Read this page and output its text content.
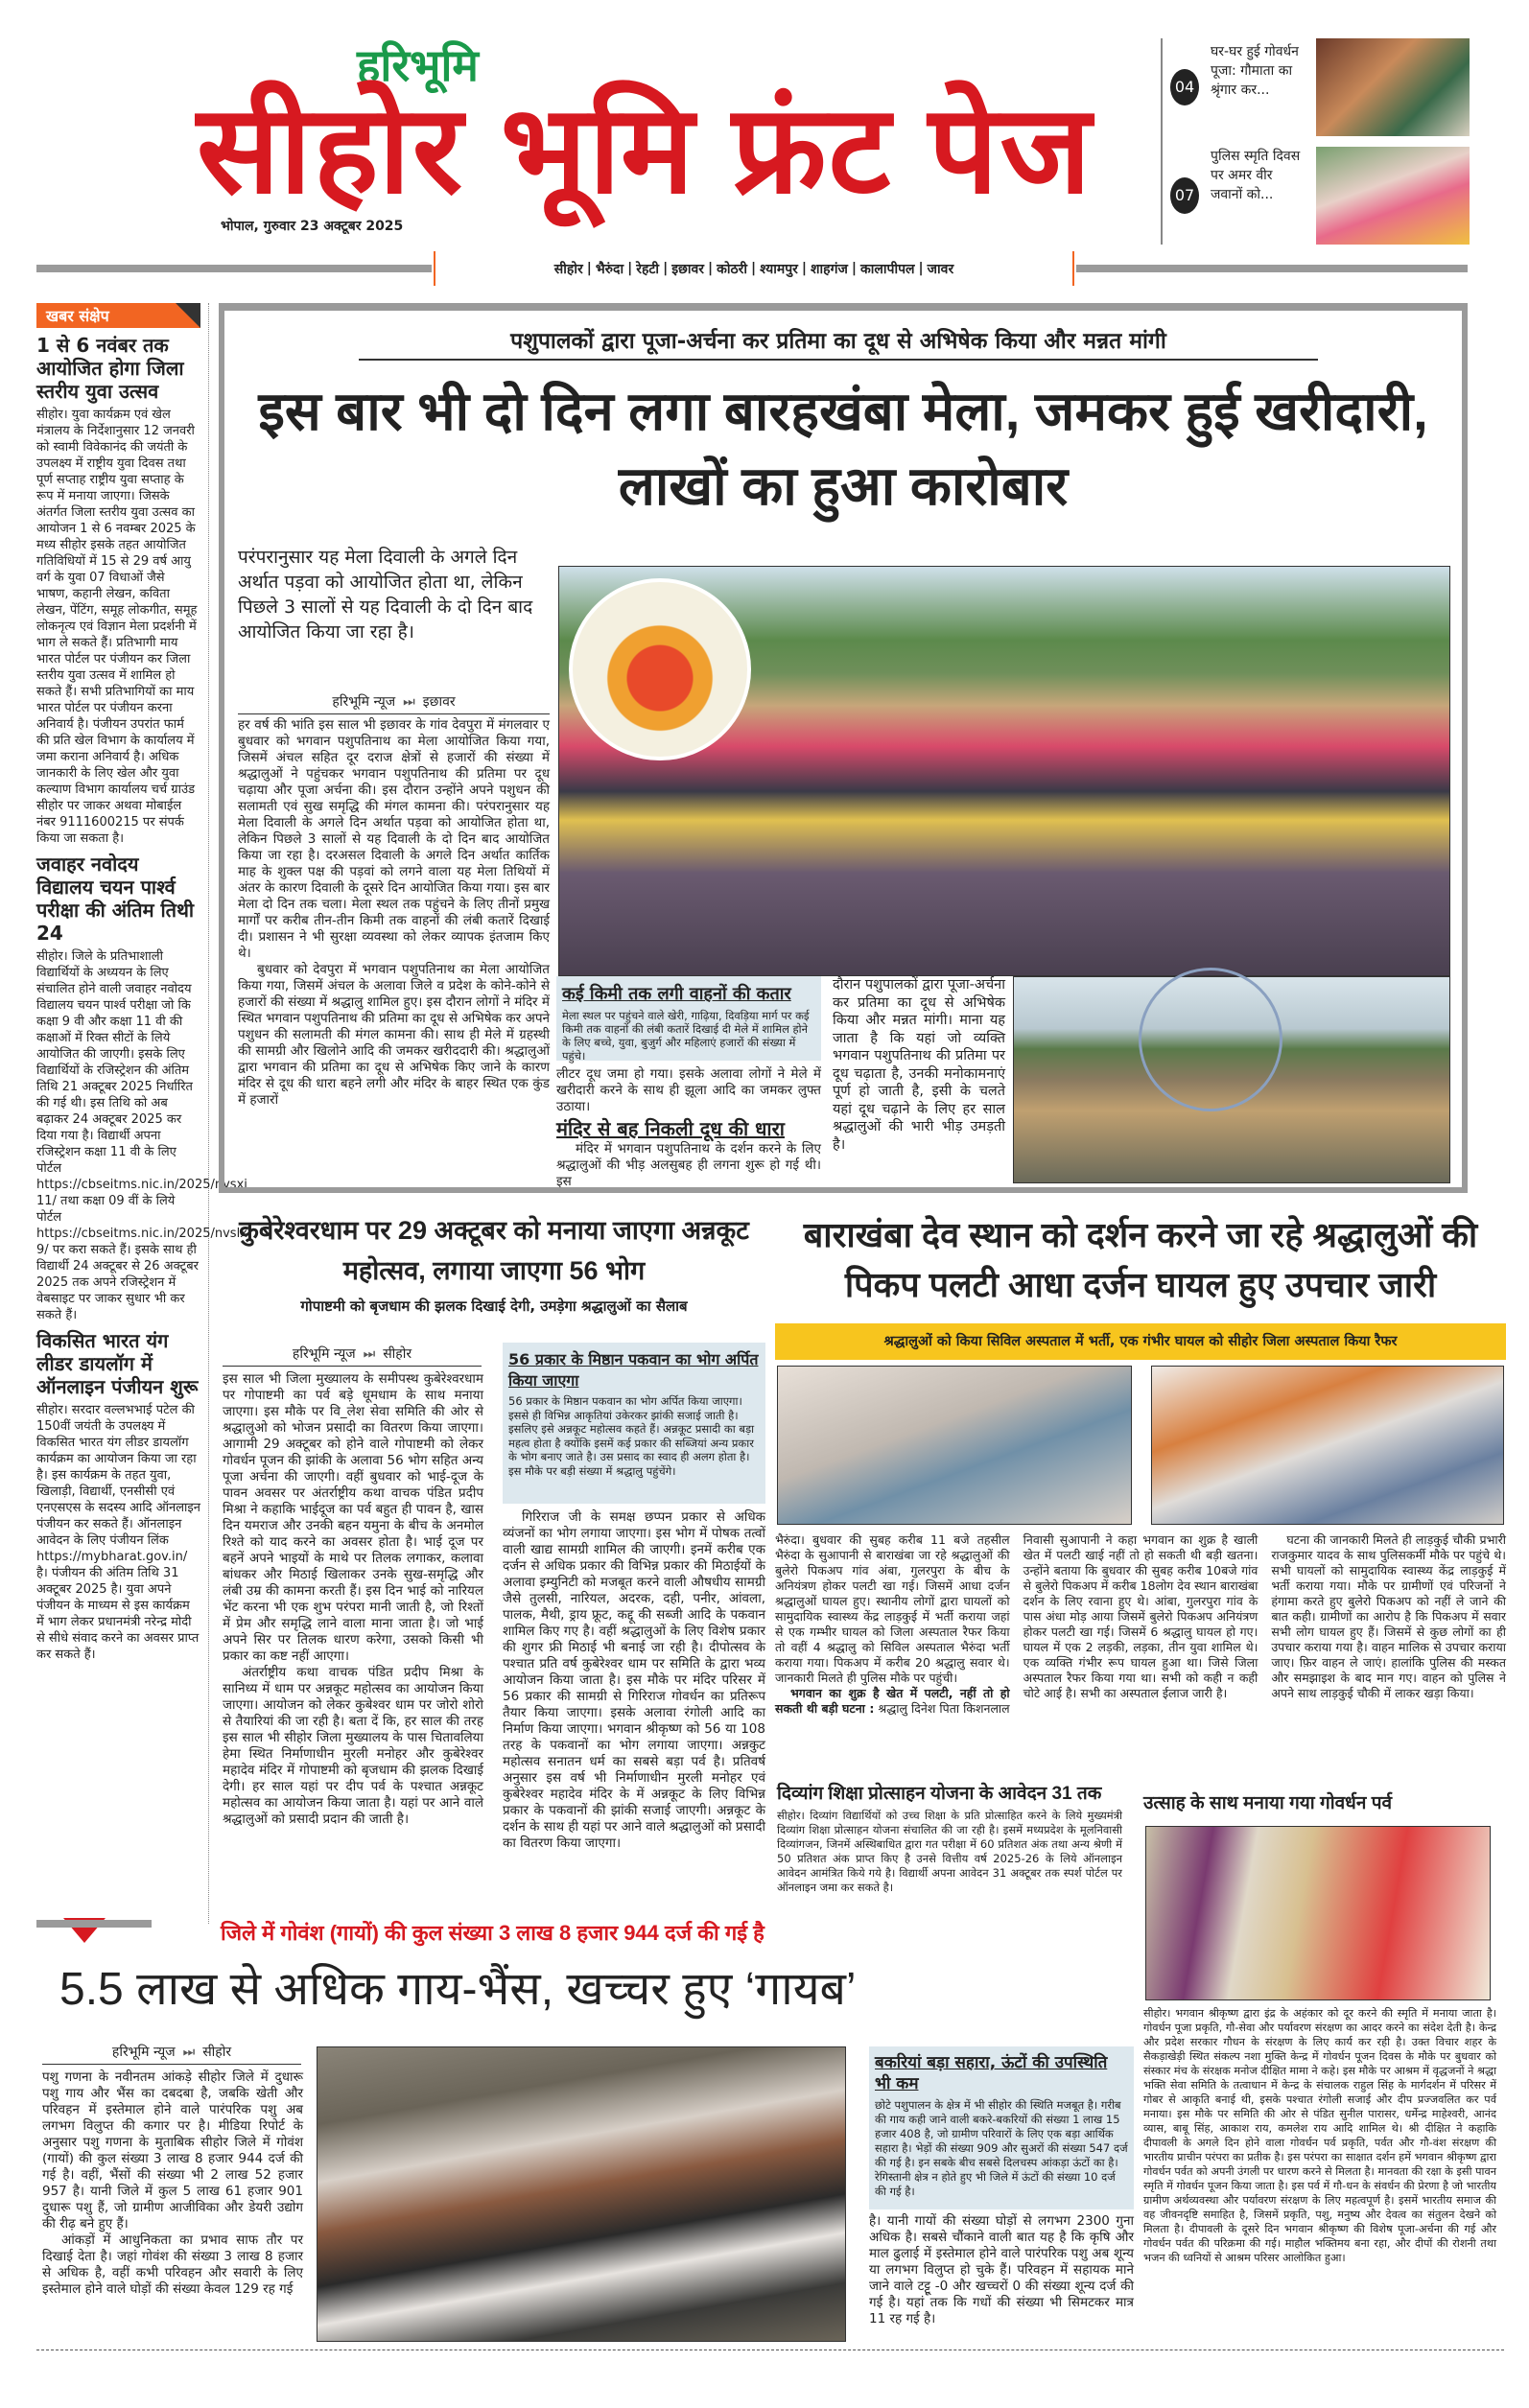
हरिभूमि
सीहोर भूमि फ्रंट पेज
भोपाल, गुरुवार 23 अक्टूबर 2025
04
घर-घर हुई गोवर्धन पूजा: गौमाता का श्रृंगार कर...
07
पुलिस स्मृति दिवस पर अमर वीर जवानों को...
सीहोर | भैरुंदा | रेहटी | इछावर | कोठरी | श्यामपुर | शाहगंज | कालापीपल | जावर
खबर संक्षेप
1 से 6 नवंबर तक आयोजित होगा जिला स्तरीय युवा उत्सव

सीहोर। युवा कार्यक्रम एवं खेल मंत्रालय के निर्देशानुसार 12 जनवरी को स्वामी विवेकानंद की जयंती के उपलक्ष्य में राष्ट्रीय युवा दिवस तथा पूर्ण सप्ताह राष्ट्रीय युवा सप्ताह के रूप में मनाया जाएगा। जिसके अंतर्गत जिला स्तरीय युवा उत्सव का आयोजन 1 से 6 नवम्बर 2025 के मध्य सीहोर इसके तहत आयोजित गतिविधियों में 15 से 29 वर्ष आयु वर्ग के युवा 07 विधाओं जैसे भाषण, कहानी लेखन, कविता लेखन, पेंटिंग, समूह लोकगीत, समूह लोकनृत्य एवं विज्ञान मेला प्रदर्शनी में भाग ले सकते हैं। प्रतिभागी माय भारत पोर्टल पर पंजीयन कर जिला स्तरीय युवा उत्सव में शामिल हो सकते हैं। सभी प्रतिभागियों का माय भारत पोर्टल पर पंजीयन करना अनिवार्य है। पंजीयन उपरांत फार्म की प्रति खेल विभाग के कार्यालय में जमा कराना अनिवार्य है। अधिक जानकारी के लिए खेल और युवा कल्याण विभाग कार्यालय चर्च ग्राउंड सीहोर पर जाकर अथवा मोबाईल नंबर 9111600215 पर संपर्क किया जा सकता है।

जवाहर नवोदय विद्यालय चयन पार्श्व परीक्षा की अंतिम तिथी 24

सीहोर। जिले के प्रतिभाशाली विद्यार्थियों के अध्ययन के लिए संचालित होने वाली जवाहर नवोदय विद्यालय चयन पार्श्व परीक्षा जो कि कक्षा 9 वी और कक्षा 11 वी की कक्षाओं में रिक्त सीटों के लिये आयोजित की जाएगी। इसके लिए विद्यार्थियों के रजिस्ट्रेशन की अंतिम तिथि 21 अक्टूबर 2025 निर्धारित की गई थी। इस तिथि को अब बढ़ाकर 24 अक्टूबर 2025 कर दिया गया है। विद्यार्थी अपना रजिस्ट्रेशन कक्षा 11 वी के लिए पोर्टल https://cbseitms.nic.in/2025/nvsxi 11/ तथा कक्षा 09 वीं के लिये पोर्टल https://cbseitms.nic.in/2025/nvslx 9/ पर करा सकते हैं। इसके साथ ही विद्यार्थी 24 अक्टूबर से 26 अक्टूबर 2025 तक अपने रजिस्ट्रेशन में वेबसाइट पर जाकर सुधार भी कर सकते हैं।

विकसित भारत यंग लीडर डायलॉग में ऑनलाइन पंजीयन शुरू

सीहोर। सरदार वल्लभभाई पटेल की 150वीं जयंती के उपलक्ष्य में विकसित भारत यंग लीडर डायलॉग कार्यक्रम का आयोजन किया जा रहा है। इस कार्यक्रम के तहत युवा, खिलाड़ी, विद्यार्थी, एनसीसी एवं एनएसएस के सदस्य आदि ऑनलाइन पंजीयन कर सकते हैं। ऑनलाइन आवेदन के लिए पंजीयन लिंक https://mybharat.gov.in/ है। पंजीयन की अंतिम तिथि 31 अक्टूबर 2025 है। युवा अपने पंजीयन के माध्यम से इस कार्यक्रम में भाग लेकर प्रधानमंत्री नरेन्द्र मोदी से सीधे संवाद करने का अवसर प्राप्त कर सकते हैं।

पशुपालकों द्वारा पूजा-अर्चना कर प्रतिमा का दूध से अभिषेक किया और मन्नत मांगी
इस बार भी दो दिन लगा बारहखंबा मेला, जमकर हुई खरीदारी, लाखों का हुआ कारोबार
परंपरानुसार यह मेला दिवाली के अगले दिन अर्थात पड़वा को आयोजित होता था, लेकिन पिछले 3 सालों से यह दिवाली के दो दिन बाद आयोजित किया जा रहा है।
हरिभूमि न्यूज ⏭ इछावर

हर वर्ष की भांति इस साल भी इछावर के गांव देवपुरा में मंगलवार ए बुधवार को भगवान पशुपतिनाथ का मेला आयोजित किया गया, जिसमें अंचल सहित दूर दराज क्षेत्रों से हजारों की संख्या में श्रद्धालुओं ने पहुंचकर भगवान पशुपतिनाथ की प्रतिमा पर दूध चढ़ाया और पूजा अर्चना की। इस दौरान उन्होंने अपने पशुधन की सलामती एवं सुख समृद्धि की मंगल कामना की। परंपरानुसार यह मेला दिवाली के अगले दिन अर्थात पड़वा को आयोजित होता था, लेकिन पिछले 3 सालों से यह दिवाली के दो दिन बाद आयोजित किया जा रहा है। दरअसल दिवाली के अगले दिन अर्थात कार्तिक माह के शुक्ल पक्ष की पड़वां को लगने वाला यह मेला तिथियों में अंतर के कारण दिवाली के दूसरे दिन आयोजित किया गया। इस बार मेला दो दिन तक चला। मेला स्थल तक पहुंचने के लिए तीनों प्रमुख मार्गों पर करीब तीन-तीन किमी तक वाहनों की लंबी कतारें दिखाई दी। प्रशासन ने भी सुरक्षा व्यवस्था को लेकर व्यापक इंतजाम किए थे।

बुधवार को देवपुरा में भगवान पशुपतिनाथ का मेला आयोजित किया गया, जिसमें अंचल के अलावा जिले व प्रदेश के कोने-कोने से हजारों की संख्या में श्रद्धालु शामिल हुए। इस दौरान लोगों ने मंदिर में स्थित भगवान पशुपतिनाथ की प्रतिमा का दूध से अभिषेक कर अपने पशुधन की सलामती की मंगल कामना की। साथ ही मेले में ग्रहस्थी की सामग्री और खिलोने आदि की जमकर खरीददारी की। श्रद्धालुओं द्वारा भगवान की प्रतिमा का दूध से अभिषेक किए जाने के कारण मंदिर से दूध की धारा बहने लगी और मंदिर के बाहर स्थित एक कुंड में हजारों

कई किमी तक लगी वाहनों की कतार

मेला स्थल पर पहुंचने वाले खेरी, गाढ़िया, दिवड़िया मार्ग पर कई किमी तक वाहनों की लंबी कतारें दिखाई दी मेले में शामिल होने के लिए बच्चे, युवा, बुजुर्ग और महिलाएं हजारों की संख्या में पहुंचे।

लीटर दूध जमा हो गया। इसके अलावा लोगों ने मेले में खरीदारी करने के साथ ही झूला आदि का जमकर लुफ्त उठाया।

मंदिर से बह निकली दूध की धारा

मंदिर में भगवान पशुपतिनाथ के दर्शन करने के लिए श्रद्धालुओं की भीड़ अलसुबह ही लगना शुरू हो गई थी। इस

दौरान पशुपालकों द्वारा पूजा-अर्चना कर प्रतिमा का दूध से अभिषेक किया और मन्नत मांगी। माना यह जाता है कि यहां जो व्यक्ति भगवान पशुपतिनाथ की प्रतिमा पर दूध चढ़ाता है, उनकी मनोकामनाएं पूर्ण हो जाती है, इसी के चलते यहां दूध चढ़ाने के लिए हर साल श्रद्धालुओं की भारी भीड़ उमड़ती है।

कुबेरेश्वरधाम पर 29 अक्टूबर को मनाया जाएगा अन्नकूट महोत्सव, लगाया जाएगा 56 भोग
गोपाष्टमी को बृजधाम की झलक दिखाई देगी, उमड़ेगा श्रद्धालुओं का सैलाब
हरिभूमि न्यूज ⏭ सीहोर	56 प्रकार के मिष्ठान पकवान का भोग अर्पित किया जाएगा

56 प्रकार के मिष्ठान पकवान का भोग अर्पित किया जाएगा। इससे ही विभिन्न आकृतियां उकेरकर झांकी सजाई जाती है। इसलिए इसे अन्नकूट महोत्सव कहते हैं। अन्नकूट प्रसादी का बड़ा महत्व होता है क्योंकि इसमें कई प्रकार की सब्जियां अन्य प्रकार के भोग बनाए जाते है। उस प्रसाद का स्वाद ही अलग होता है। इस मौके पर बड़ी संख्या में श्रद्धालु पहुंचेंगे।

इस साल भी जिला मुख्यालय के समीपस्थ कुबेरेश्वरधाम पर गोपाष्टमी का पर्व बड़े धूमधाम के साथ मनाया जाएगा। इस मौके पर वि_लेश सेवा समिति की ओर से श्रद्धालुओ को भोजन प्रसादी का वितरण किया जाएगा। आगामी 29 अक्टूबर को होने वाले गोपाष्टमी को लेकर गोवर्धन पूजन की झांकी के अलावा 56 भोग सहित अन्य पूजा अर्चना की जाएगी। वहीं बुधवार को भाई-दूज के पावन अवसर पर अंतर्राष्ट्रीय कथा वाचक पंडित प्रदीप मिश्रा ने कहाकि भाईदूज का पर्व बहुत ही पावन है, खास दिन यमराज और उनकी बहन यमुना के बीच के अनमोल रिश्ते को याद करने का अवसर होता है। भाई दूज पर बहनें अपने भाइयों के माथे पर तिलक लगाकर, कलावा बांधकर और मिठाई खिलाकर उनके सुख-समृद्धि और लंबी उम्र की कामना करती हैं। इस दिन भाई को नारियल भेंट करना भी एक शुभ परंपरा मानी जाती है, जो रिश्तों में प्रेम और समृद्धि लाने वाला माना जाता है। जो भाई अपने सिर पर तिलक धारण करेगा, उसको किसी भी प्रकार का कष्ट नहीं आएगा।

अंतर्राष्ट्रीय कथा वाचक पंडित प्रदीप मिश्रा के सानिध्य में धाम पर अन्नकूट महोत्सव का आयोजन किया जाएगा। आयोजन को लेकर कुबेश्वर धाम पर जोरो शोरो से तैयारियां की जा रही है। बता दें कि, हर साल की तरह इस साल भी सीहोर जिला मुख्यालय के पास चितावलिया हेमा स्थित निर्माणाधीन मुरली मनोहर और कुबेरेश्वर महादेव मंदिर में गोपाष्टमी को बृजधाम की झलक दिखाई देगी। हर साल यहां पर दीप पर्व के पश्चात अन्नकूट महोत्सव का आयोजन किया जाता है। यहां पर आने वाले श्रद्धालुओं को प्रसादी प्रदान की जाती है।

गिरिराज जी के समक्ष छप्पन प्रकार से अधिक व्यंजनों का भोग लगाया जाएगा। इस भोग में पोषक तत्वों वाली खाद्य सामग्री शामिल की जाएगी। इनमें करीब एक दर्जन से अधिक प्रकार की विभिन्न प्रकार की मिठाईयों के अलावा इम्युनिटी को मजबूत करने वाली औषधीय सामग्री जैसे तुलसी, नारियल, अदरक, दही, पनीर, आंवला, पालक, मैथी, ड्राय फ्रूट, कद्दू की सब्जी आदि के पकवान शामिल किए गए है। वहीं श्रद्धालुओं के लिए विशेष प्रकार की शुगर फ्री मिठाई भी बनाई जा रही है। दीपोत्सव के पश्चात प्रति वर्ष कुबेरेश्वर धाम पर समिति के द्वारा भव्य आयोजन किया जाता है। इस मौके पर मंदिर परिसर में 56 प्रकार की सामग्री से गिरिराज गोवर्धन का प्रतिरूप तैयार किया जाएगा। इसके अलावा रंगोली आदि का निर्माण किया जाएगा। भगवान श्रीकृष्ण को 56 या 108 तरह के पकवानों का भोग लगाया जाएगा। अन्नकुट महोत्सव सनातन धर्म का सबसे बड़ा पर्व है। प्रतिवर्ष अनुसार इस वर्ष भी निर्माणाधीन मुरली मनोहर एवं कुबेरेश्वर महादेव मंदिर के में अन्नकूट के लिए विभिन्न प्रकार के पकवानों की झांकी सजाई जाएगी। अन्नकूट के दर्शन के साथ ही यहां पर आने वाले श्रद्धालुओं को प्रसादी का वितरण किया जाएगा।

बाराखंबा देव स्थान को दर्शन करने जा रहे श्रद्धालुओं की पिकप पलटी आधा दर्जन घायल हुए उपचार जारी
श्रद्धालुओं को किया सिविल अस्पताल में भर्ती, एक गंभीर घायल को सीहोर जिला अस्पताल किया रैफर

भैरुंदा। बुधवार की सुबह करीब 11 बजे तहसील भैरुंदा के सुआपानी से बाराखंबा जा रहे श्रद्धालुओं की बुलेरो पिकअप गांव अंबा, गुलरपुरा के बीच के अनियंत्रण होकर पलटी खा गई। जिसमें आधा दर्जन श्रद्धालुओं घायल हुए। स्थानीय लोगों द्वारा घायलों को सामुदायिक स्वास्थ्य केंद्र लाड़कुई में भर्ती कराया जहां से एक गम्भीर घायल को जिला अस्पताल रैफर किया तो वहीं 4 श्रद्धालु को सिविल अस्पताल भैरुंदा भर्ती कराया गया। पिकअप में करीब 20 श्रद्धालु सवार थे। जानकारी मिलते ही पुलिस मौके पर पहुंची।

भगवान का शुक्र है खेत में पलटी, नहीं तो हो सकती थी बड़ी घटना : श्रद्धालु दिनेश पिता किशनलाल निवासी सुआपानी ने कहा भगवान का शुक्र है खाली खेत में पलटी खाई नहीं तो हो सकती थी बड़ी खतना। उन्होंने बताया कि बुधवार की सुबह करीब 10बजे गांव से बुलेरो पिकअप में करीब 18लोग देव स्थान बाराखंबा दर्शन के लिए रवाना हुए थे। आंबा, गुलरपुरा गांव के पास अंधा मोड़ आया जिसमें बुलेरो पिकअप अनियंत्रण होकर पलटी खा गई। जिसमें 6 श्रद्धालु घायल हो गए। घायल में एक 2 लड़की, लड़का, तीन युवा शामिल थे। एक व्यक्ति गंभीर रूप घायल हुआ था। जिसे जिला अस्पताल रैफर किया गया था। सभी को कही न कही चोटे आई है। सभी का अस्पताल ईलाज जारी है।

घटना की जानकारी मिलते ही लाड़कुई चौकी प्रभारी राजकुमार यादव के साथ पुलिसकर्मी मौके पर पहुंचे थे। सभी घायलों को सामुदायिक स्वास्थ्य केंद्र लाड़कुई में भर्ती कराया गया। मौके पर ग्रामीणों एवं परिजनों ने हंगामा करते हुए बुलेरो पिकअप को नहीं ले जाने की बात कही। ग्रामीणों का आरोप है कि पिकअप में सवार सभी लोग घायल हुए हैं। जिसमें से कुछ लोगों का ही उपचार कराया गया है। वाहन मालिक से उपचार कराया जाए। फ़िर वाहन ले जाएं। हालांकि पुलिस की मस्कत और समझाइश के बाद मान गए। वाहन को पुलिस ने अपने साथ लाड़कुई चौकी में लाकर खड़ा किया।

दिव्यांग शिक्षा प्रोत्साहन योजना के आवेदन 31 तक

सीहोर। दिव्यांग विद्यार्थियों को उच्च शिक्षा के प्रति प्रोत्साहित करने के लिये मुख्यमंत्री दिव्यांग शिक्षा प्रोत्साहन योजना संचालित की जा रही है। इसमें मध्यप्रदेश के मूलनिवासी दिव्यांगजन, जिनमें अस्थिबाधित द्वारा गत परीक्षा में 60 प्रतिशत अंक तथा अन्य श्रेणी में 50 प्रतिशत अंक प्राप्त किए है उनसे वित्तीय वर्ष 2025-26 के लिये ऑनलाइन आवेदन आमंत्रित किये गये है। विद्यार्थी अपना आवेदन 31 अक्टूबर तक स्पर्श पोर्टल पर ऑनलाइन जमा कर सकते है।

उत्साह के साथ मनाया गया गोवर्धन पर्व

सीहोर। भगवान श्रीकृष्ण द्वारा इंद्र के अहंकार को दूर करने की स्मृति में मनाया जाता है। गोवर्धन पूजा प्रकृति, गौ-सेवा और पर्यावरण संरक्षण का आदर करने का संदेश देती है। केन्द्र और प्रदेश सरकार गौधन के संरक्षण के लिए कार्य कर रही है। उक्त विचार शहर के सैकड़ाखेड़ी स्थित संकल्प नशा मुक्ति केन्द्र में गोवर्धन पूजन दिवस के मौके पर बुधवार को संस्कार मंच के संरक्षक मनोज दीक्षित मामा ने कहे। इस मौके पर आश्रम में वृद्धजनों ने श्रद्धा भक्ति सेवा समिति के तत्वाधान में केन्द्र के संचालक राहुल सिंह के मार्गदर्शन में परिसर में गोबर से आकृति बनाई थी, इसके पश्चात रंगोली सजाई और दीप प्रज्जवलित कर पर्व मनाया। इस मौके पर समिति की ओर से पंडित सुनील पारासर, धर्मेन्द्र माहेश्वरी, आनंद व्यास, बाबू सिंह, आकाश राय, कमलेश राय आदि शामिल थे। श्री दीक्षित ने कहाकि दीपावली के अगले दिन होने वाला गोवर्धन पर्व प्रकृति, पर्वत और गौ-वंश संरक्षण की भारतीय प्राचीन परंपरा का प्रतीक है। इस परंपरा का साक्षात दर्शन हमें भगवान श्रीकृष्ण द्वारा गोवर्धन पर्वत को अपनी उंगली पर धारण करने से मिलता है। मानवता की रक्षा के इसी पावन स्मृति में गोवर्धन पूजन किया जाता है। इस पर्व में गौ-धन के संवर्धन की प्रेरणा है जो भारतीय ग्रामीण अर्थव्यवस्था और पर्यावरण संरक्षण के लिए महत्वपूर्ण है। इसमें भारतीय समाज की वह जीवनदृष्टि समाहित है, जिसमें प्रकृति, पशु, मनुष्य और देवत्व का संतुलन देखने को मिलता है। दीपावली के दूसरे दिन भगवान श्रीकृष्ण की विशेष पूजा-अर्चना की गई और गोवर्धन पर्वत की परिक्रमा की गई। माहौल भक्तिमय बना रहा, और दीपों की रोशनी तथा भजन की ध्वनियों से आश्रम परिसर आलोकित हुआ।

जिले में गोवंश (गायों) की कुल संख्या 3 लाख 8 हजार 944 दर्ज की गई है
5.5 लाख से अधिक गाय-भैंस, खच्चर हुए ‘गायब’
हरिभूमि न्यूज ⏭ सीहोर

पशु गणना के नवीनतम आंकड़े सीहोर जिले में दुधारू पशु गाय और भैंस का दबदबा है, जबकि खेती और परिवहन में इस्तेमाल होने वाले पारंपरिक पशु अब लगभग विलुप्त की कगार पर है। मीडिया रिपोर्ट के अनुसार पशु गणना के मुताबिक सीहोर जिले में गोवंश (गायों) की कुल संख्या 3 लाख 8 हजार 944 दर्ज की गई है। वहीं, भैंसों की संख्या भी 2 लाख 52 हजार 957 है। यानी जिले में कुल 5 लाख 61 हजार 901 दुधारू पशु हैं, जो ग्रामीण आजीविका और डेयरी उद्योग की रीढ़ बने हुए हैं।

आंकड़ों में आधुनिकता का प्रभाव साफ तौर पर दिखाई देता है। जहां गोवंश की संख्या 3 लाख 8 हजार से अधिक है, वहीं कभी परिवहन और सवारी के लिए इस्तेमाल होने वाले घोड़ों की संख्या केवल 129 रह गई

बकरियां बड़ा सहारा, ऊंटों की उपस्थिति भी कम

छोटे पशुपालन के क्षेत्र में भी सीहोर की स्थिति मजबूत है। गरीब की गाय कही जाने वाली बकरे-बकरियों की संख्या 1 लाख 15 हजार 408 है, जो ग्रामीण परिवारों के लिए एक बड़ा आर्थिक सहारा है। भेड़ों की संख्या 909 और सुअरों की संख्या 547 दर्ज की गई है। इन सबके बीच सबसे दिलचस्प आंकड़ा ऊंटों का है। रेगिस्तानी क्षेत्र न होते हुए भी जिले में ऊंटों की संख्या 10 दर्ज की गई है।

है। यानी गायों की संख्या घोड़ों से लगभग 2300 गुना अधिक है। सबसे चौंकाने वाली बात यह है कि कृषि और माल ढुलाई में इस्तेमाल होने वाले पारंपरिक पशु अब शून्य या लगभग विलुप्त हो चुके हैं। परिवहन में सहायक माने जाने वाले टट्टू -0 और खच्चरों 0 की संख्या शून्य दर्ज की गई है। यहां तक कि गधों की संख्या भी सिमटकर मात्र 11 रह गई है।
